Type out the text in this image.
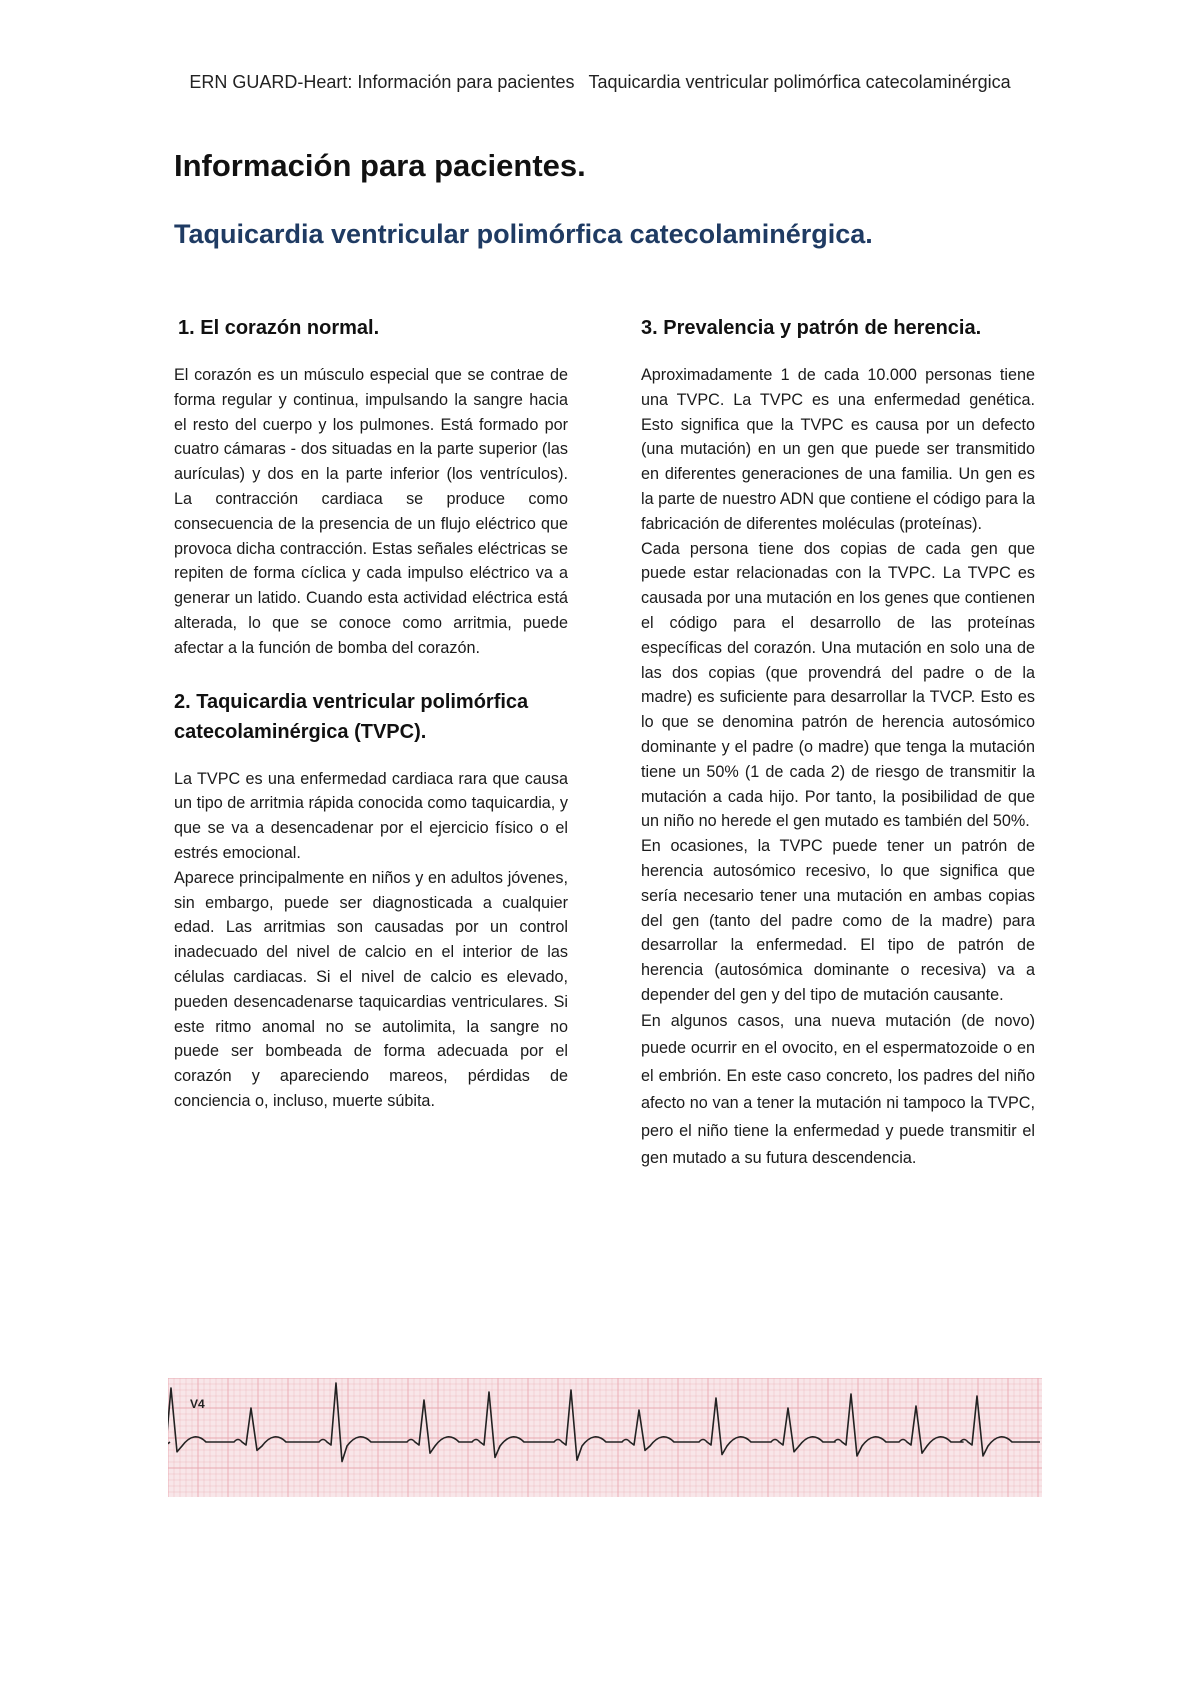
ERN GUARD-Heart: Información para pacientes Taquicardia ventricular polimórfica catecolaminérgica
Información para pacientes.
Taquicardia ventricular polimórfica catecolaminérgica.
1. El corazón normal.

El corazón es un músculo especial que se contrae de forma regular y continua, impulsando la sangre hacia el resto del cuerpo y los pulmones. Está formado por cuatro cámaras - dos situadas en la parte superior (las aurículas) y dos en la parte inferior (los ventrículos). La contracción cardiaca se produce como consecuencia de la presencia de un flujo eléctrico que provoca dicha contracción. Estas señales eléctricas se repiten de forma cíclica y cada impulso eléctrico va a generar un latido. Cuando esta actividad eléctrica está alterada, lo que se conoce como arritmia, puede afectar a la función de bomba del corazón.

2. Taquicardia ventricular polimórfica catecolaminérgica (TVPC).

La TVPC es una enfermedad cardiaca rara que causa un tipo de arritmia rápida conocida como taquicardia, y que se va a desencadenar por el ejercicio físico o el estrés emocional.

Aparece principalmente en niños y en adultos jóvenes, sin embargo, puede ser diagnosticada a cualquier edad. Las arritmias son causadas por un control inadecuado del nivel de calcio en el interior de las células cardiacas. Si el nivel de calcio es elevado, pueden desencadenarse taquicardias ventriculares. Si este ritmo anomal no se autolimita, la sangre no puede ser bombeada de forma adecuada por el corazón y apareciendo mareos, pérdidas de conciencia o, incluso, muerte súbita.

3. Prevalencia y patrón de herencia.

Aproximadamente 1 de cada 10.000 personas tiene una TVPC. La TVPC es una enfermedad genética. Esto significa que la TVPC es causa por un defecto (una mutación) en un gen que puede ser transmitido en diferentes generaciones de una familia. Un gen es la parte de nuestro ADN que contiene el código para la fabricación de diferentes moléculas (proteínas).

Cada persona tiene dos copias de cada gen que puede estar relacionadas con la TVPC. La TVPC es causada por una mutación en los genes que contienen el código para el desarrollo de las proteínas específicas del corazón. Una mutación en solo una de las dos copias (que provendrá del padre o de la madre) es suficiente para desarrollar la TVCP. Esto es lo que se denomina patrón de herencia autosómico dominante y el padre (o madre) que tenga la mutación tiene un 50% (1 de cada 2) de riesgo de transmitir la mutación a cada hijo. Por tanto, la posibilidad de que un niño no herede el gen mutado es también del 50%.

En ocasiones, la TVPC puede tener un patrón de herencia autosómico recesivo, lo que significa que sería necesario tener una mutación en ambas copias del gen (tanto del padre como de la madre) para desarrollar la enfermedad. El tipo de patrón de herencia (autosómica dominante o recesiva) va a depender del gen y del tipo de mutación causante.

En algunos casos, una nueva mutación (de novo) puede ocurrir en el ovocito, en el espermatozoide o en el embrión. En este caso concreto, los padres del niño afecto no van a tener la mutación ni tampoco la TVPC, pero el niño tiene la enfermedad y puede transmitir el gen mutado a su futura descendencia.

V4
